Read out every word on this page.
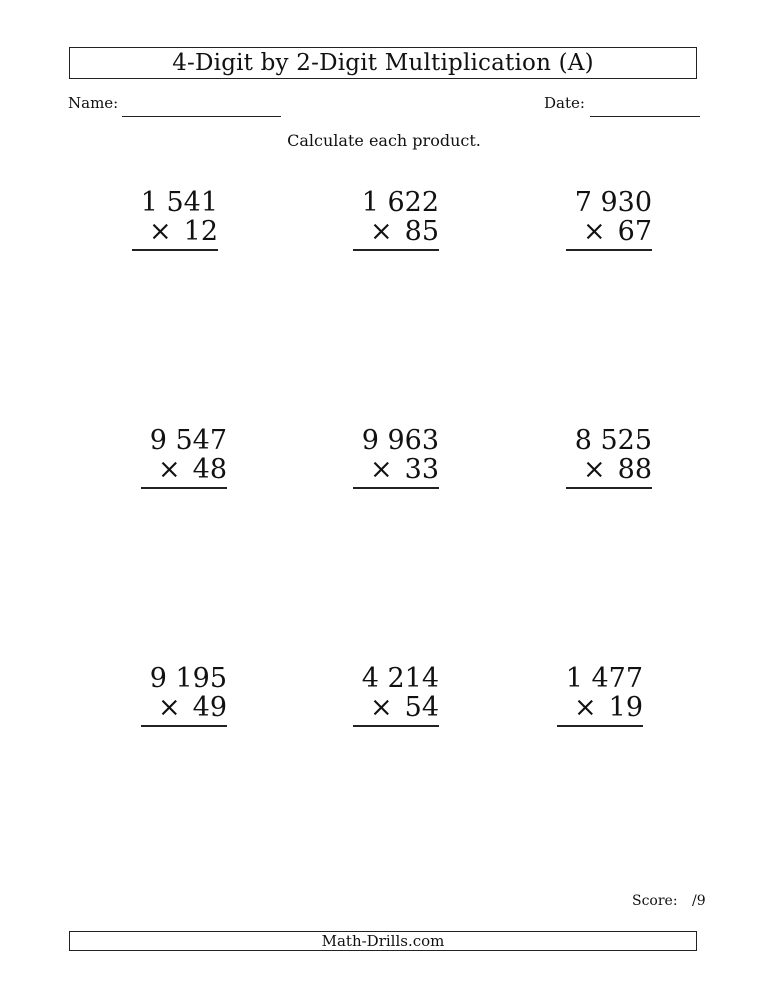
4-Digit by 2-Digit Multiplication (A)
Name:	Date:
Calculate each product.
1 541
× 12
1 622
× 85
7 930
× 67
9 547
× 48
9 963
× 33
8 525
× 88
9 195
× 49
4 214
× 54
1 477
× 19
Score: /9
Math-Drills.com
